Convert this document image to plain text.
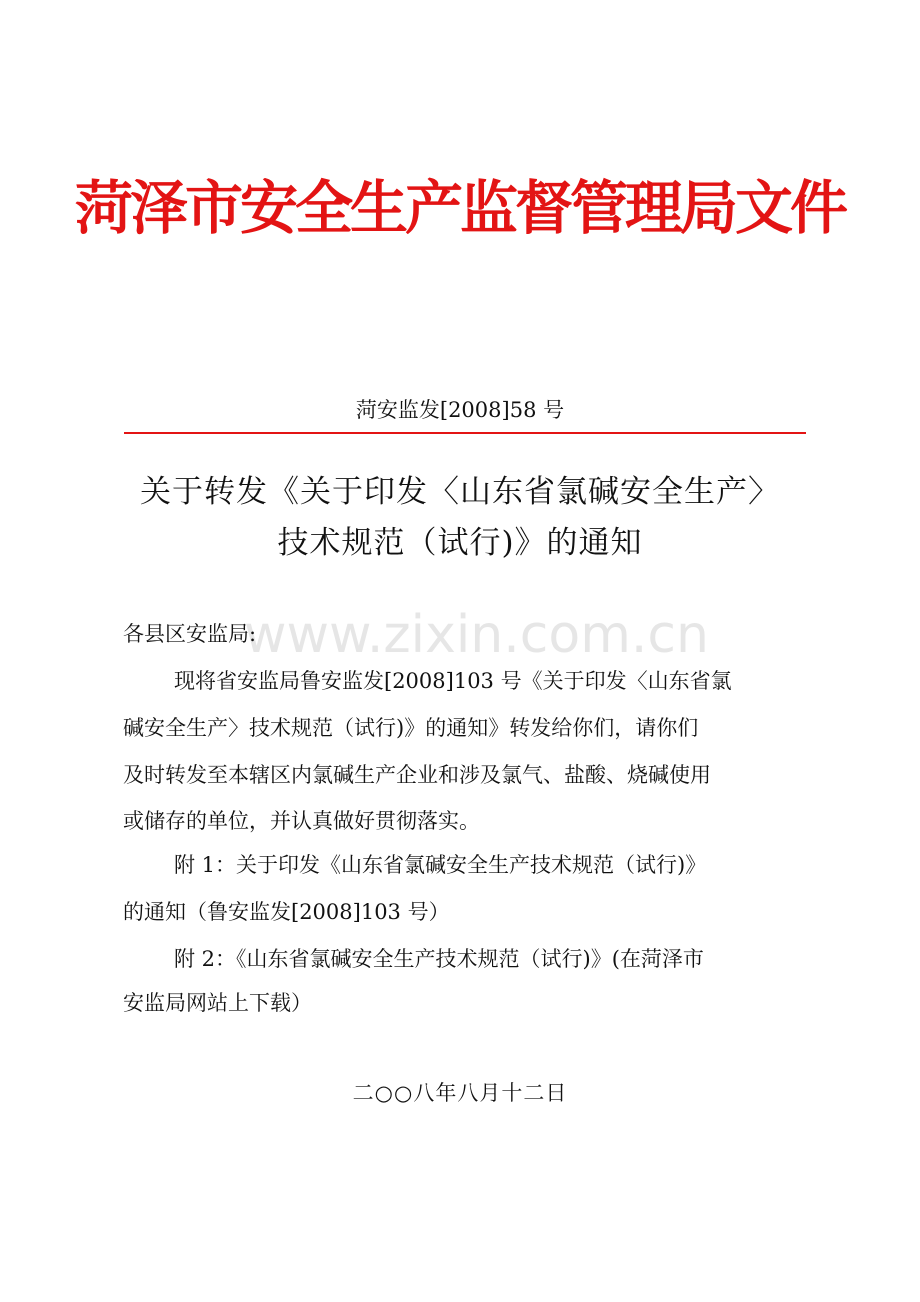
菏泽市安全生产监督管理局文件
菏安监发[2008]58 号
关于转发《关于印发〈山东省氯碱安全生产〉
技术规范（试行)》的通知
www.zixin.com.cn
各县区安监局:
现将省安监局鲁安监发[2008]103 号《关于印发〈山东省氯
碱安全生产〉技术规范（试行)》的通知》转发给你们，请你们
及时转发至本辖区内氯碱生产企业和涉及氯气、盐酸、烧碱使用
或储存的单位，并认真做好贯彻落实。
附 1：关于印发《山东省氯碱安全生产技术规范（试行)》
的通知（鲁安监发[2008]103 号）
附 2：《山东省氯碱安全生产技术规范（试行)》(在菏泽市
安监局网站上下载）
二○○八年八月十二日
